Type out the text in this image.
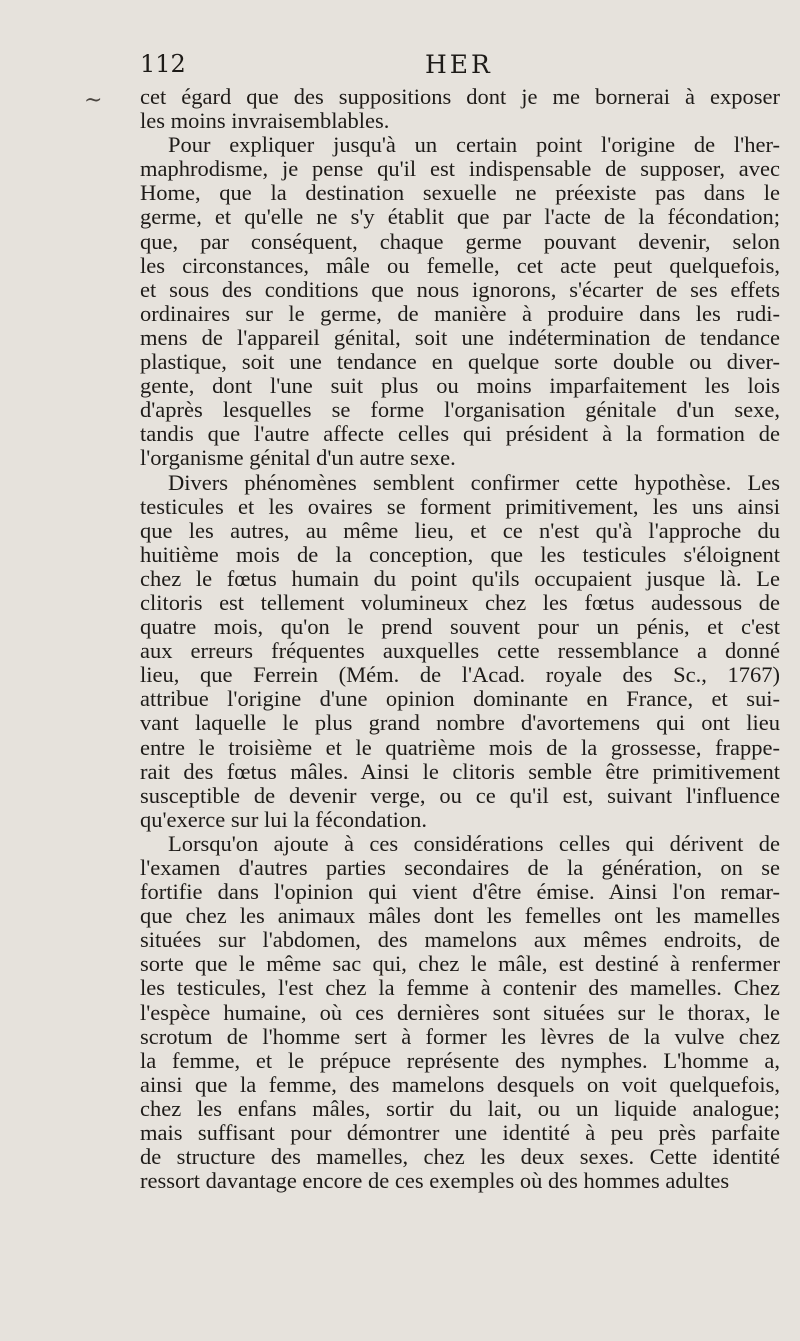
112	HER
~ cet égard que des suppositions dont je me bornerai à exposer
les moins invraisemblables.

Pour expliquer jusqu'à un certain point l'origine de l'her-
maphrodisme, je pense qu'il est indispensable de supposer, avec
Home, que la destination sexuelle ne préexiste pas dans le
germe, et qu'elle ne s'y établit que par l'acte de la fécondation;
que, par conséquent, chaque germe pouvant devenir, selon
les circonstances, mâle ou femelle, cet acte peut quelquefois,
et sous des conditions que nous ignorons, s'écarter de ses effets
ordinaires sur le germe, de manière à produire dans les rudi-
mens de l'appareil génital, soit une indétermination de tendance
plastique, soit une tendance en quelque sorte double ou diver-
gente, dont l'une suit plus ou moins imparfaitement les lois
d'après lesquelles se forme l'organisation génitale d'un sexe,
tandis que l'autre affecte celles qui président à la formation de
l'organisme génital d'un autre sexe.

Divers phénomènes semblent confirmer cette hypothèse. Les
testicules et les ovaires se forment primitivement, les uns ainsi
que les autres, au même lieu, et ce n'est qu'à l'approche du
huitième mois de la conception, que les testicules s'éloignent
chez le fœtus humain du point qu'ils occupaient jusque là. Le
clitoris est tellement volumineux chez les fœtus audessous de
quatre mois, qu'on le prend souvent pour un pénis, et c'est
aux erreurs fréquentes auxquelles cette ressemblance a donné
lieu, que Ferrein (Mém. de l'Acad. royale des Sc., 1767)
attribue l'origine d'une opinion dominante en France, et sui-
vant laquelle le plus grand nombre d'avortemens qui ont lieu
entre le troisième et le quatrième mois de la grossesse, frappe-
rait des fœtus mâles. Ainsi le clitoris semble être primitivement
susceptible de devenir verge, ou ce qu'il est, suivant l'influence
qu'exerce sur lui la fécondation.

Lorsqu'on ajoute à ces considérations celles qui dérivent de
l'examen d'autres parties secondaires de la génération, on se
fortifie dans l'opinion qui vient d'être émise. Ainsi l'on remar-
que chez les animaux mâles dont les femelles ont les mamelles
situées sur l'abdomen, des mamelons aux mêmes endroits, de
sorte que le même sac qui, chez le mâle, est destiné à renfermer
les testicules, l'est chez la femme à contenir des mamelles. Chez
l'espèce humaine, où ces dernières sont situées sur le thorax, le
scrotum de l'homme sert à former les lèvres de la vulve chez
la femme, et le prépuce représente des nymphes. L'homme a,
ainsi que la femme, des mamelons desquels on voit quelquefois,
chez les enfans mâles, sortir du lait, ou un liquide analogue;
mais suffisant pour démontrer une identité à peu près parfaite
de structure des mamelles, chez les deux sexes. Cette identité
ressort davantage encore de ces exemples où des hommes adultes
